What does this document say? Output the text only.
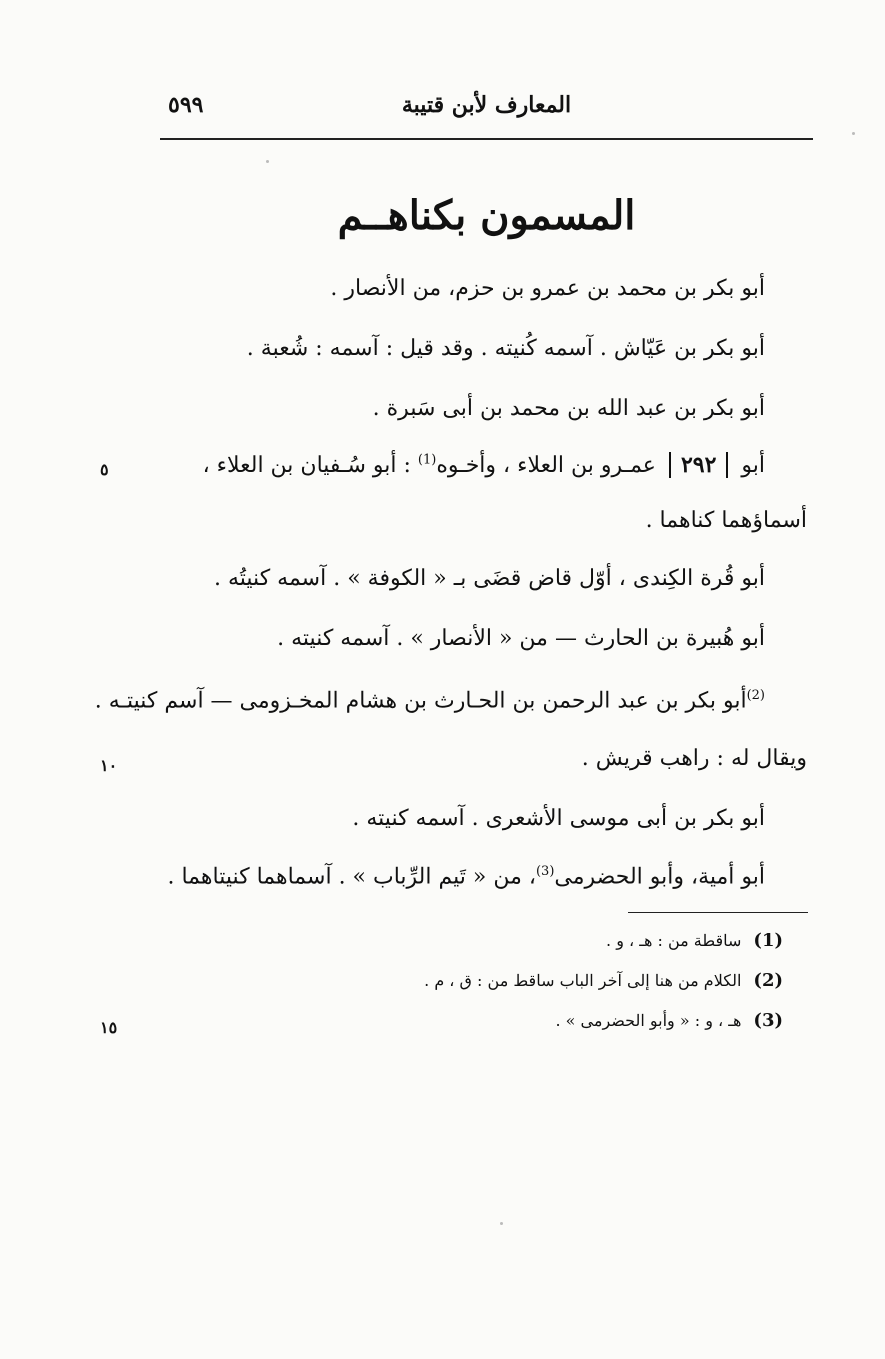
٥٩٩	المعارف لأبن قتيبة
المسمون بكناهــم
أبو بكر بن محمد بن عمرو بن حزم، من الأنصار .
أبو بكر بن عَيّاش . آسمه كُنيته . وقد قيل : آسمه : شُعبة .
أبو بكر بن عبد الله بن محمد بن أبى سَبرة .
أبو ٢٩٢ عمـرو بن العلاء ، وأخـوه$^{(1)}$ : أبو سُـفيان بن العلاء ،
٥
أسماؤهما كناهما .
أبو قُرة الكِندى ، أوّل قاض قضَى بـ « الكوفة » . آسمه كنيتُه .
أبو هُبيرة بن الحارث — من « الأنصار » . آسمه كنيته .
$^{(2)}$أبو بكر بن عبد الرحمن بن الحـارث بن هشام المخـزومى — آسم كنيتـه .
ويقال له : راهب قريش .
١٠
أبو بكر بن أبى موسى الأشعرى . آسمه كنيته .
أبو أمية، وأبو الحضرمى$^{(3)}$، من « تَيم الرِّباب » . آسماهما كنيتاهما .
(1)ساقطة من : هـ ، و .
(2)الكلام من هنا إلى آخر الباب ساقط من : ق ، م .
(3)هـ ، و : « وأبو الحضرمى » .
١٥
